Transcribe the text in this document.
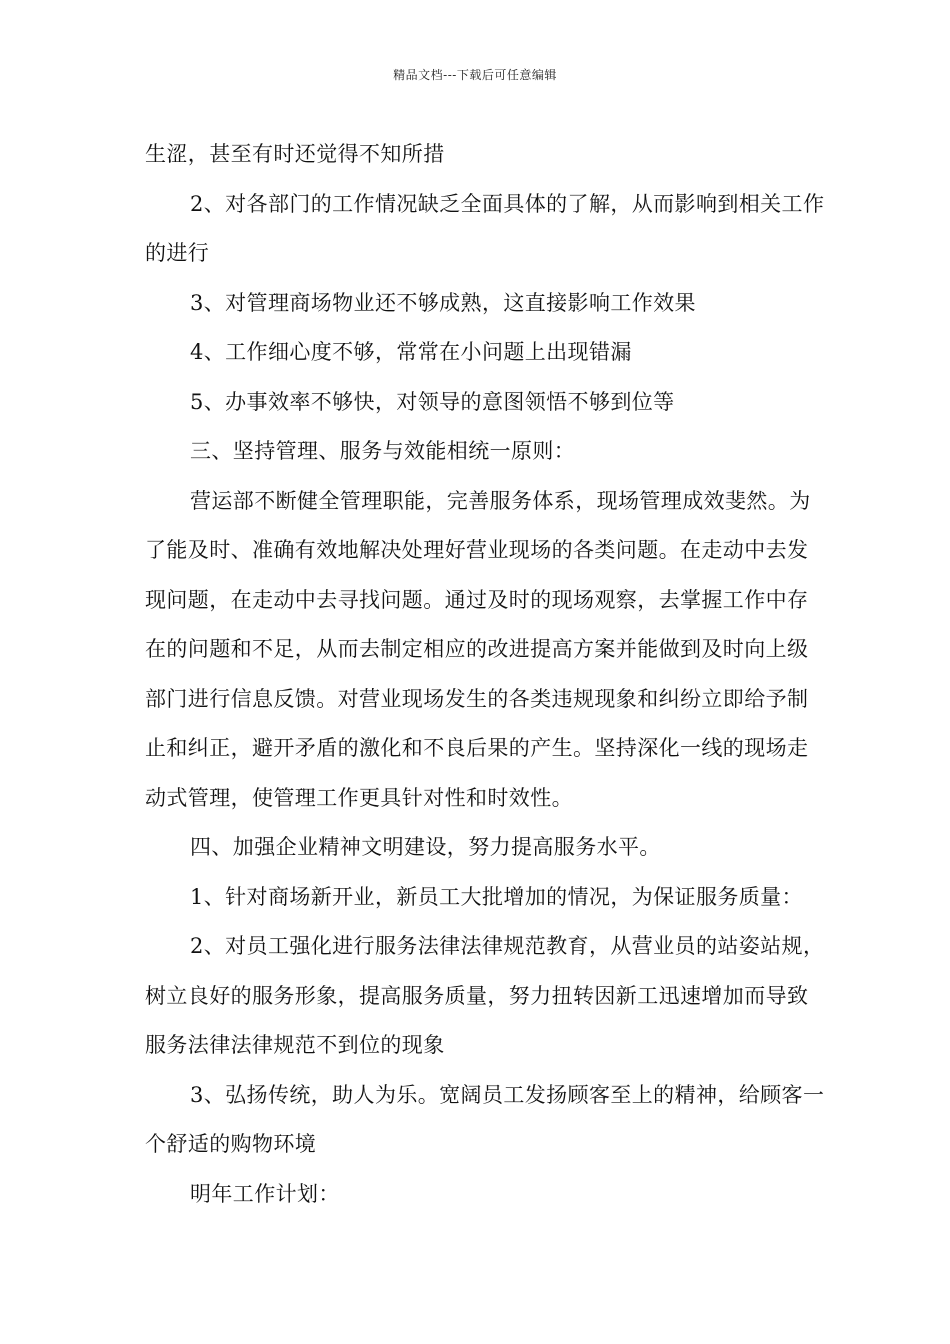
精品文档---下载后可任意编辑

生涩，甚至有时还觉得不知所措

2、对各部门的工作情况缺乏全面具体的了解，从而影响到相关工作的进行

3、对管理商场物业还不够成熟，这直接影响工作效果

4、工作细心度不够，常常在小问题上出现错漏

5、办事效率不够快，对领导的意图领悟不够到位等

三、坚持管理、服务与效能相统一原则：

营运部不断健全管理职能，完善服务体系，现场管理成效斐然。为了能及时、准确有效地解决处理好营业现场的各类问题。在走动中去发现问题，在走动中去寻找问题。通过及时的现场观察，去掌握工作中存在的问题和不足，从而去制定相应的改进提高方案并能做到及时向上级部门进行信息反馈。对营业现场发生的各类违规现象和纠纷立即给予制止和纠正，避开矛盾的激化和不良后果的产生。坚持深化一线的现场走动式管理，使管理工作更具针对性和时效性。

四、加强企业精神文明建设，努力提高服务水平。

1、针对商场新开业，新员工大批增加的情况，为保证服务质量：

2、对员工强化进行服务法律法律规范教育，从营业员的站姿站规， 树立良好的服务形象，提高服务质量，努力扭转因新工迅速增加而导致服务法律法律规范不到位的现象

3、弘扬传统，助人为乐。宽阔员工发扬顾客至上的精神，给顾客一个舒适的购物环境

明年工作计划：
